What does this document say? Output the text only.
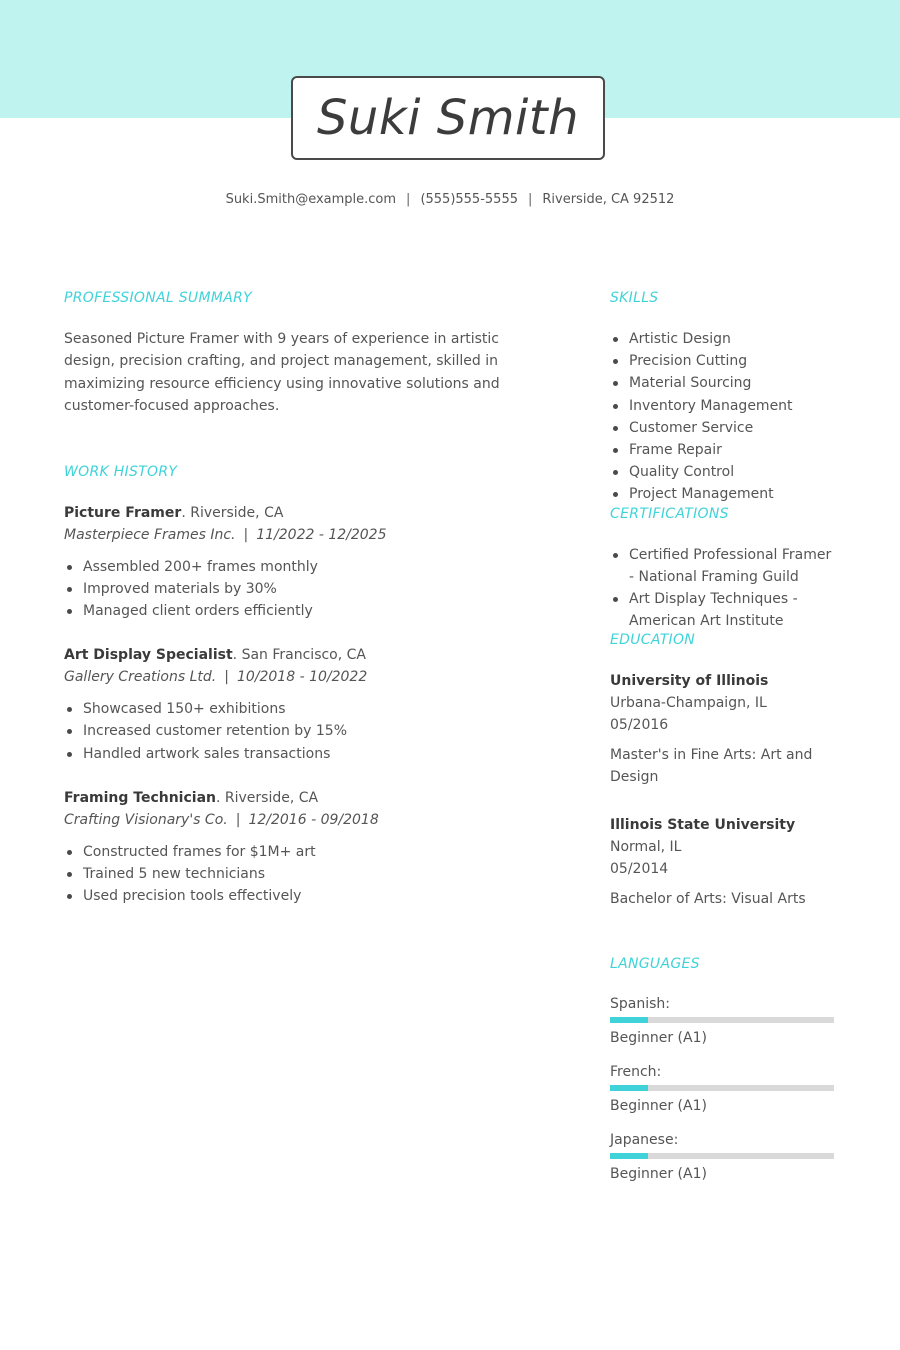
Suki Smith
Suki.Smith@example.com | (555)555-5555 | Riverside, CA 92512
PROFESSIONAL SUMMARY
Seasoned Picture Framer with 9 years of experience in artistic design, precision crafting, and project management, skilled in maximizing resource efficiency using innovative solutions and customer-focused approaches.
WORK HISTORY
Picture Framer. Riverside, CA
Masterpiece Frames Inc. | 11/2022 - 12/2025
Assembled 200+ frames monthly
Improved materials by 30%
Managed client orders efficiently
Art Display Specialist. San Francisco, CA
Gallery Creations Ltd. | 10/2018 - 10/2022
Showcased 150+ exhibitions
Increased customer retention by 15%
Handled artwork sales transactions
Framing Technician. Riverside, CA
Crafting Visionary's Co. | 12/2016 - 09/2018
Constructed frames for $1M+ art
Trained 5 new technicians
Used precision tools effectively
SKILLS
Artistic Design
Precision Cutting
Material Sourcing
Inventory Management
Customer Service
Frame Repair
Quality Control
Project Management
CERTIFICATIONS
Certified Professional Framer - National Framing Guild
Art Display Techniques - American Art Institute
EDUCATION
University of Illinois
Urbana-Champaign, IL
05/2016
Master's in Fine Arts: Art and Design
Illinois State University
Normal, IL
05/2014
Bachelor of Arts: Visual Arts
LANGUAGES
Spanish:
Beginner (A1)
French:
Beginner (A1)
Japanese:
Beginner (A1)
